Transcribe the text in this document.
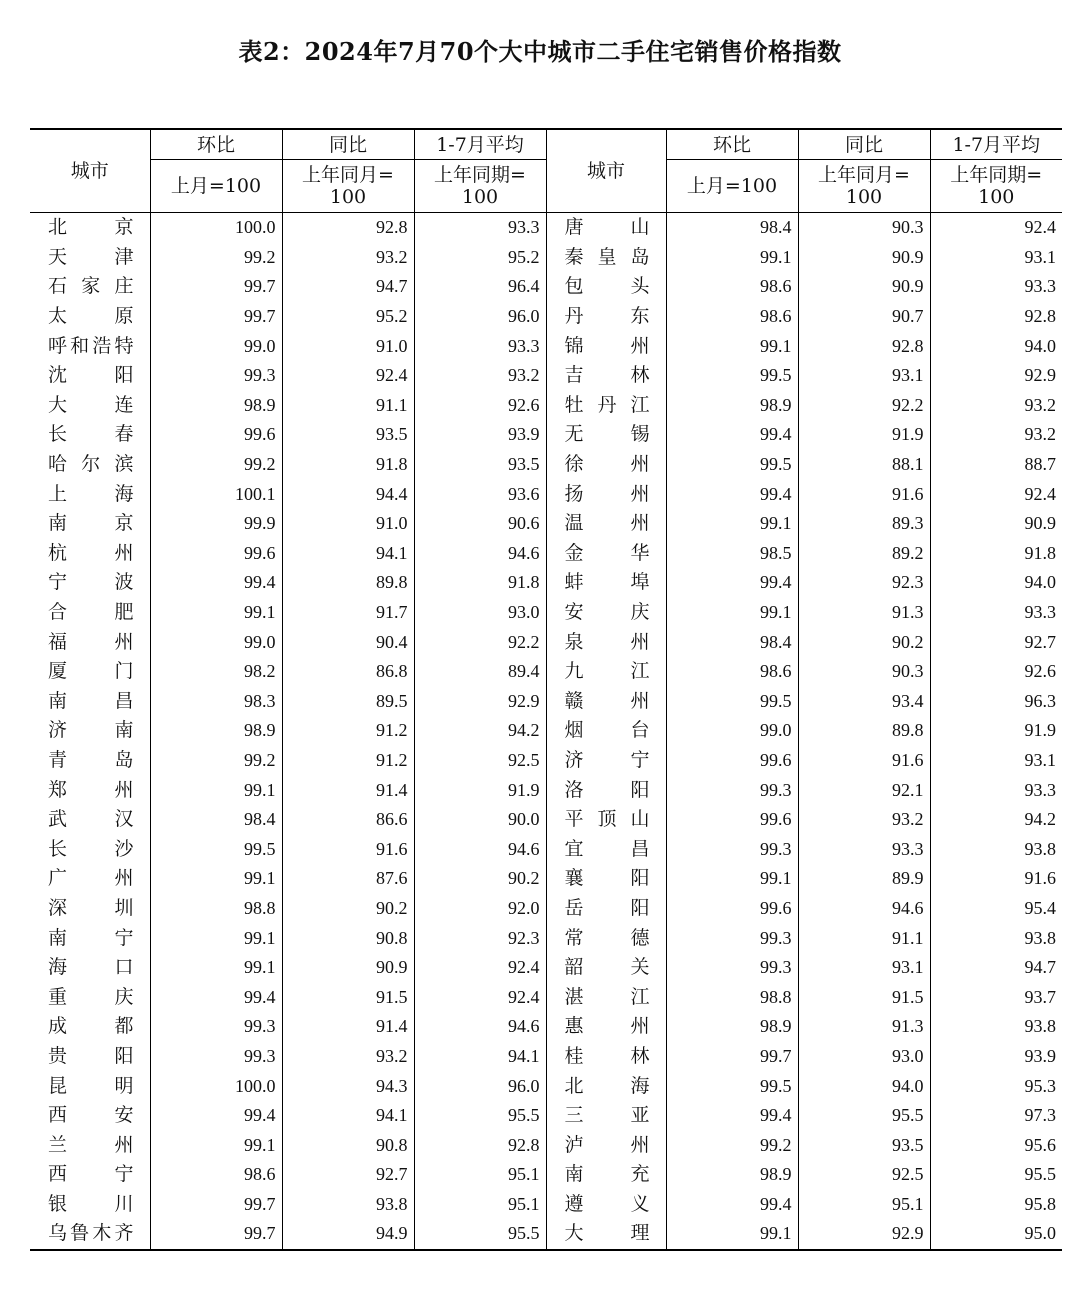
表2：2024年7月70个大中城市二手住宅销售价格指数
城市	环比	同比	1-7月平均	城市	环比	同比	1-7月平均
	上月=100	上年同月=100	上年同期=100		上月=100	上年同月=100	上年同期=100

北京	100.0	92.8	93.3	唐山	98.4	90.3	92.4

天津	99.2	93.2	95.2	秦皇岛	99.1	90.9	93.1

石家庄	99.7	94.7	96.4	包头	98.6	90.9	93.3

太原	99.7	95.2	96.0	丹东	98.6	90.7	92.8

呼和浩特	99.0	91.0	93.3	锦州	99.1	92.8	94.0

沈阳	99.3	92.4	93.2	吉林	99.5	93.1	92.9

大连	98.9	91.1	92.6	牡丹江	98.9	92.2	93.2

长春	99.6	93.5	93.9	无锡	99.4	91.9	93.2

哈尔滨	99.2	91.8	93.5	徐州	99.5	88.1	88.7

上海	100.1	94.4	93.6	扬州	99.4	91.6	92.4

南京	99.9	91.0	90.6	温州	99.1	89.3	90.9

杭州	99.6	94.1	94.6	金华	98.5	89.2	91.8

宁波	99.4	89.8	91.8	蚌埠	99.4	92.3	94.0

合肥	99.1	91.7	93.0	安庆	99.1	91.3	93.3

福州	99.0	90.4	92.2	泉州	98.4	90.2	92.7

厦门	98.2	86.8	89.4	九江	98.6	90.3	92.6

南昌	98.3	89.5	92.9	赣州	99.5	93.4	96.3

济南	98.9	91.2	94.2	烟台	99.0	89.8	91.9

青岛	99.2	91.2	92.5	济宁	99.6	91.6	93.1

郑州	99.1	91.4	91.9	洛阳	99.3	92.1	93.3

武汉	98.4	86.6	90.0	平顶山	99.6	93.2	94.2

长沙	99.5	91.6	94.6	宜昌	99.3	93.3	93.8

广州	99.1	87.6	90.2	襄阳	99.1	89.9	91.6

深圳	98.8	90.2	92.0	岳阳	99.6	94.6	95.4

南宁	99.1	90.8	92.3	常德	99.3	91.1	93.8

海口	99.1	90.9	92.4	韶关	99.3	93.1	94.7

重庆	99.4	91.5	92.4	湛江	98.8	91.5	93.7

成都	99.3	91.4	94.6	惠州	98.9	91.3	93.8

贵阳	99.3	93.2	94.1	桂林	99.7	93.0	93.9

昆明	100.0	94.3	96.0	北海	99.5	94.0	95.3

西安	99.4	94.1	95.5	三亚	99.4	95.5	97.3

兰州	99.1	90.8	92.8	泸州	99.2	93.5	95.6

西宁	98.6	92.7	95.1	南充	98.9	92.5	95.5

银川	99.7	93.8	95.1	遵义	99.4	95.1	95.8

乌鲁木齐	99.7	94.9	95.5	大理	99.1	92.9	95.0
